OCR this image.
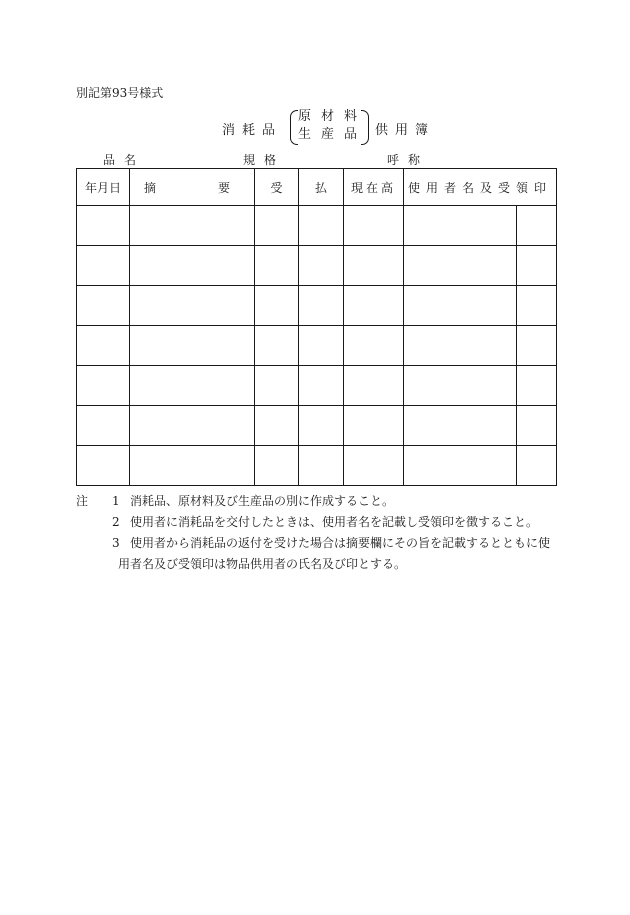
別記第93号様式
消耗品
原材料
生産品 供用簿
品名	規格	呼称
年月日	摘 要	受	払	現在高	使用者名及受領印	

注 1 消耗品、原材料及び生産品の別に作成すること。
2 使用者に消耗品を交付したときは、使用者名を記載し受領印を徴すること。
3 使用者から消耗品の返付を受けた場合は摘要欄にその旨を記載するとともに使
用者名及び受領印は物品供用者の氏名及び印とする。
